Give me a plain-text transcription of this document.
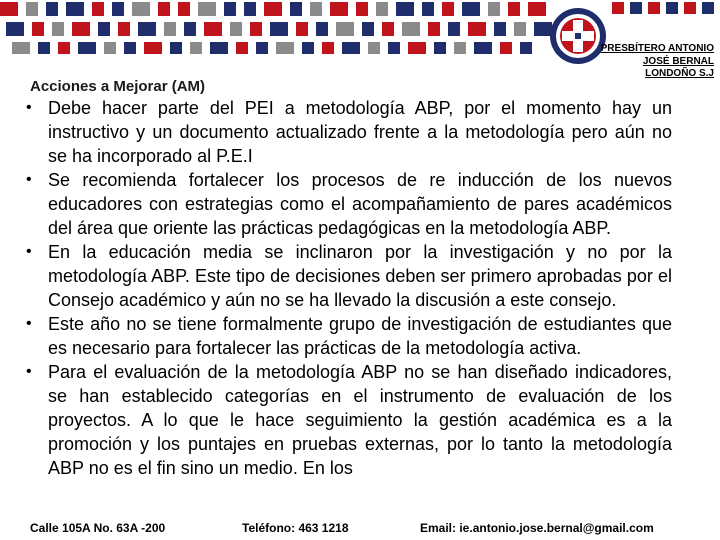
PRESBÍTERO ANTONIO
JOSÉ BERNAL
LONDOÑO S.J
Acciones a Mejorar (AM)
• Debe hacer parte del PEI a metodología ABP, por el momento hay un instructivo y un documento actualizado frente a la metodología pero aún no se ha incorporado al P.E.I
• Se recomienda fortalecer los procesos de re inducción de los nuevos educadores con estrategias como el acompañamiento de pares académicos del área que oriente las prácticas pedagógicas en la metodología ABP.
• En la educación media se inclinaron por la investigación y no por la metodología ABP. Este tipo de decisiones deben ser primero aprobadas por el Consejo académico y aún no se ha llevado la discusión a este consejo.
• Este año no se tiene formalmente grupo de investigación de estudiantes que es necesario para fortalecer las prácticas de la metodología activa.
• Para el evaluación de la metodología ABP no se han diseñado indicadores, se han establecido categorías en el instrumento de evaluación de los proyectos. A lo que le hace seguimiento la gestión académica es a la promoción y los puntajes en pruebas externas, por lo tanto la metodología ABP no es el fin sino un medio. En los
Calle 105A No. 63A -200	Teléfono: 463 1218	Email: ie.antonio.jose.bernal@gmail.com
